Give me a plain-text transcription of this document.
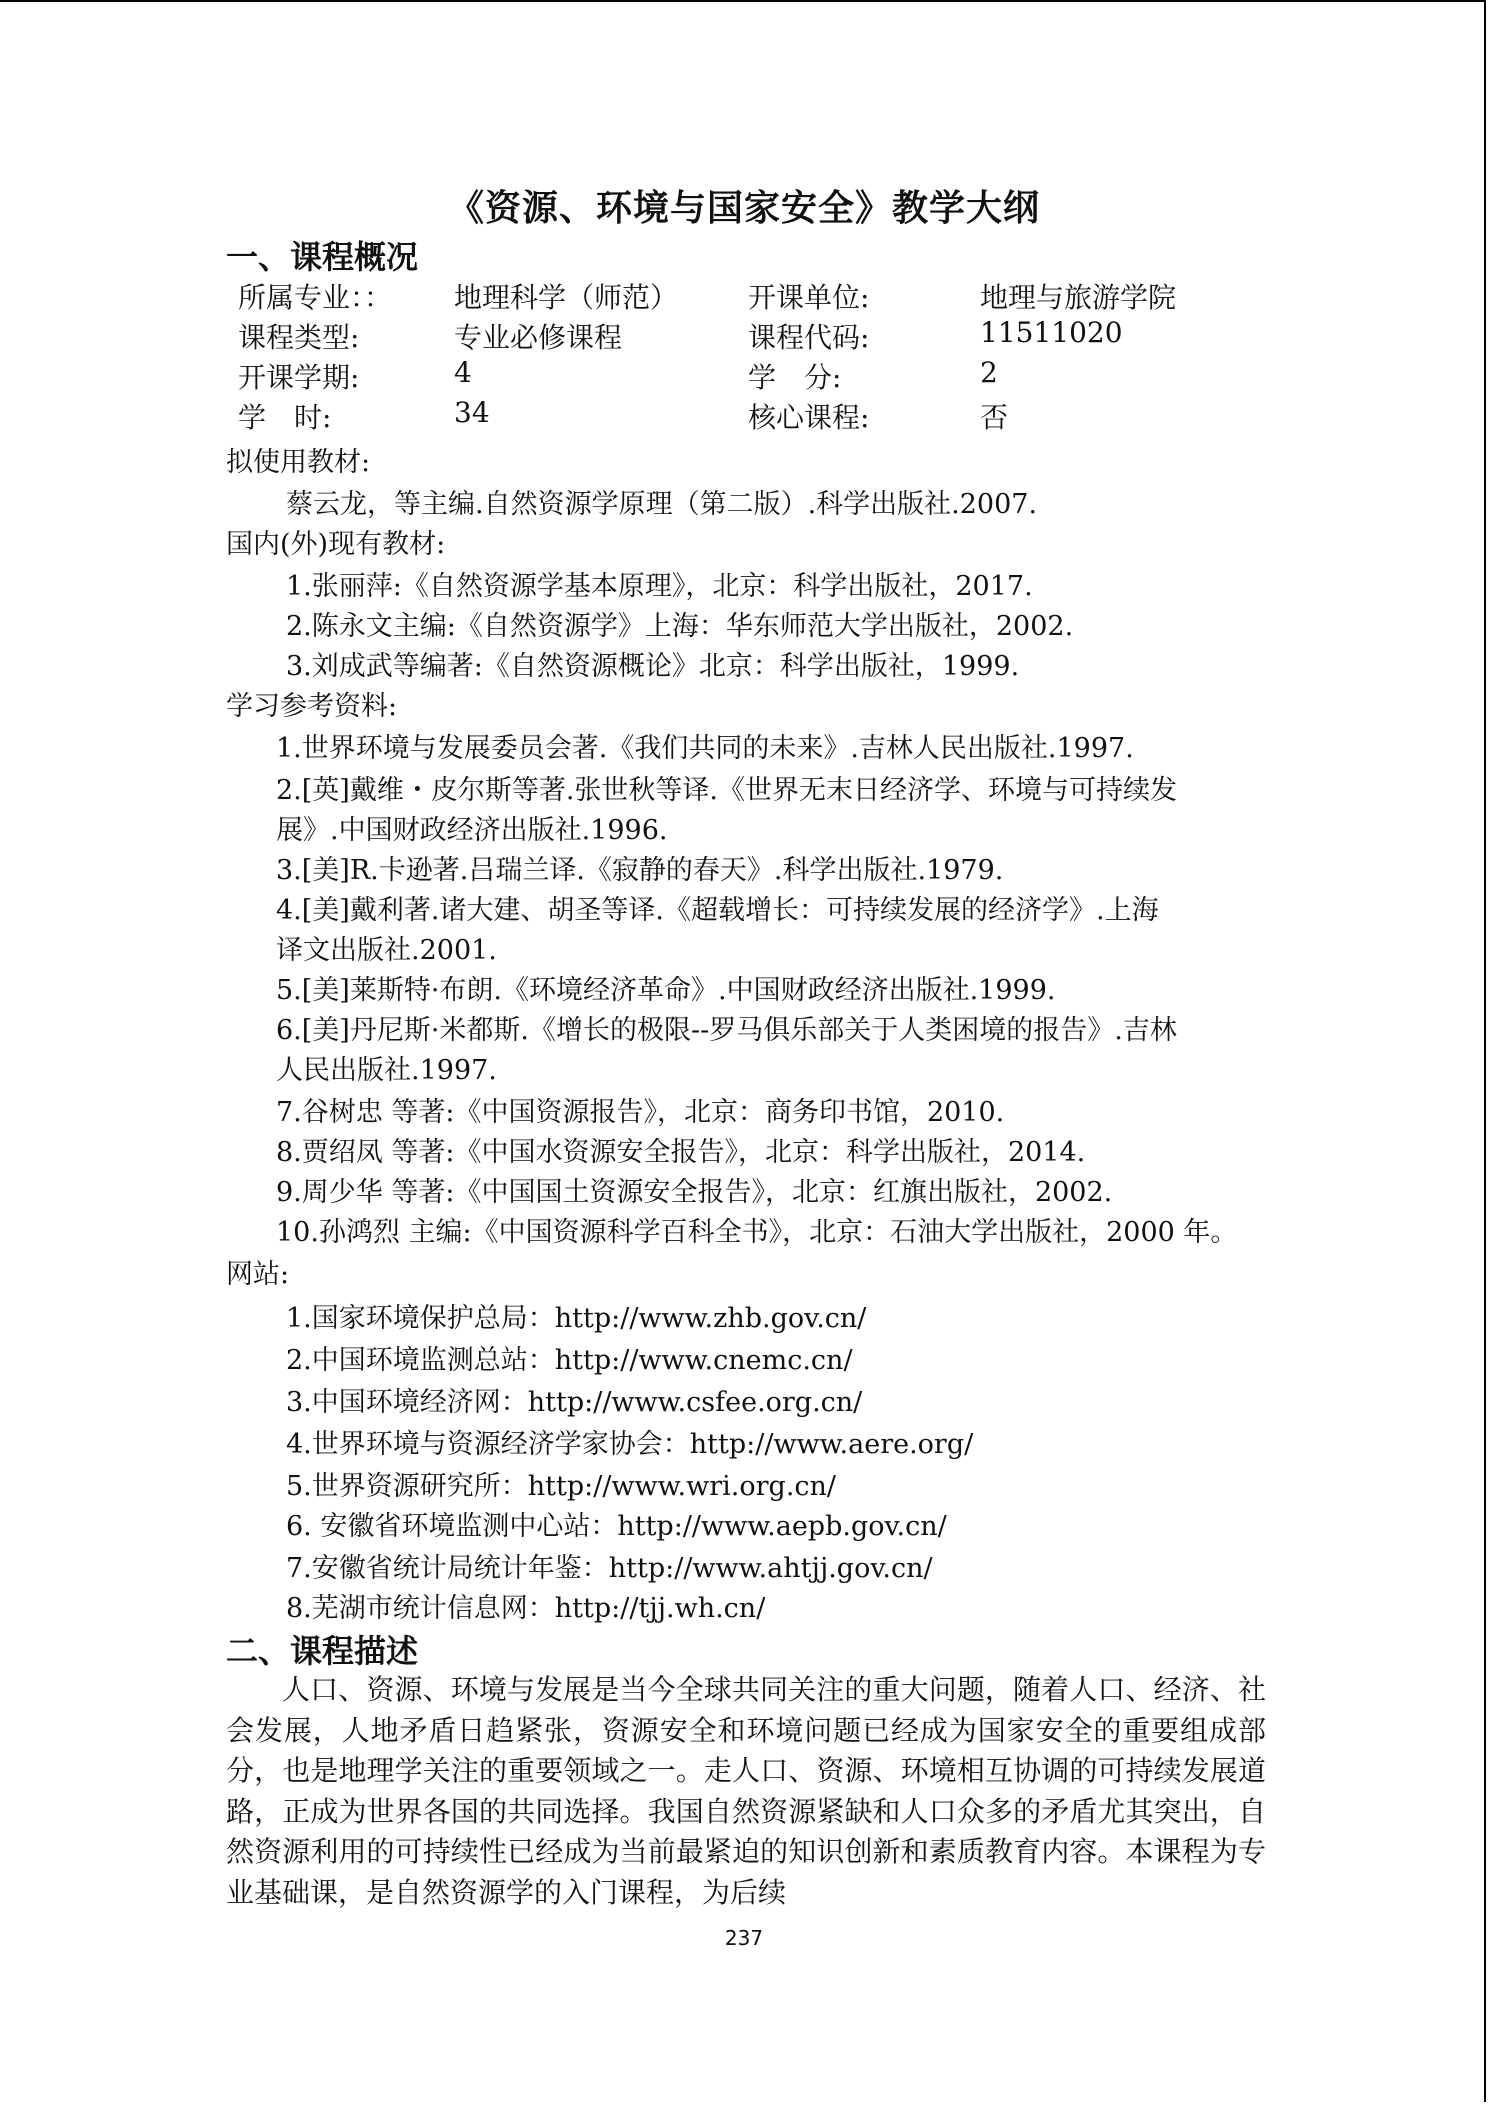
《资源、环境与国家安全》教学大纲
一、课程概况
所属专业：： 地理科学（师范） 开课单位:	地理与旅游学院
课程类型:	专业必修课程	课程代码:	11511020
开课学期:	4	学　分:	2
学　时:	34	核心课程:	否
拟使用教材:
蔡云龙，等主编.自然资源学原理（第二版）.科学出版社.2007.
国内(外)现有教材:
1.张丽萍:《自然资源学基本原理》，北京：科学出版社，2017.
2.陈永文主编:《自然资源学》上海：华东师范大学出版社，2002.
3.刘成武等编著:《自然资源概论》北京：科学出版社，1999.
学习参考资料:
1.世界环境与发展委员会著.《我们共同的未来》.吉林人民出版社.1997.
2.[英]戴维・皮尔斯等著.张世秋等译.《世界无末日经济学、环境与可持续发
展》.中国财政经济出版社.1996.
3.[美]R.卡逊著.吕瑞兰译.《寂静的春天》.科学出版社.1979.
4.[美]戴利著.诸大建、胡圣等译.《超载增长：可持续发展的经济学》.上海
译文出版社.2001.
5.[美]莱斯特·布朗.《环境经济革命》.中国财政经济出版社.1999.
6.[美]丹尼斯·米都斯.《增长的极限--罗马俱乐部关于人类困境的报告》.吉林
人民出版社.1997.
7.谷树忠 等著:《中国资源报告》，北京：商务印书馆，2010.
8.贾绍凤 等著:《中国水资源安全报告》，北京：科学出版社，2014.
9.周少华 等著:《中国国土资源安全报告》，北京：红旗出版社，2002.
10.孙鸿烈 主编:《中国资源科学百科全书》，北京：石油大学出版社，2000 年。
网站:
1.国家环境保护总局：http://www.zhb.gov.cn/
2.中国环境监测总站：http://www.cnemc.cn/
3.中国环境经济网：http://www.csfee.org.cn/
4.世界环境与资源经济学家协会：http://www.aere.org/
5.世界资源研究所：http://www.wri.org.cn/
6. 安徽省环境监测中心站：http://www.aepb.gov.cn/
7.安徽省统计局统计年鉴：http://www.ahtjj.gov.cn/
8.芜湖市统计信息网：http://tjj.wh.cn/
二、课程描述
人口、资源、环境与发展是当今全球共同关注的重大问题，随着人口、经济、社会发展，人地矛盾日趋紧张，资源安全和环境问题已经成为国家安全的重要组成部分，也是地理学关注的重要领域之一。走人口、资源、环境相互协调的可持续发展道路，正成为世界各国的共同选择。我国自然资源紧缺和人口众多的矛盾尤其突出，自然资源利用的可持续性已经成为当前最紧迫的知识创新和素质教育内容。本课程为专业基础课，是自然资源学的入门课程，为后续
237
